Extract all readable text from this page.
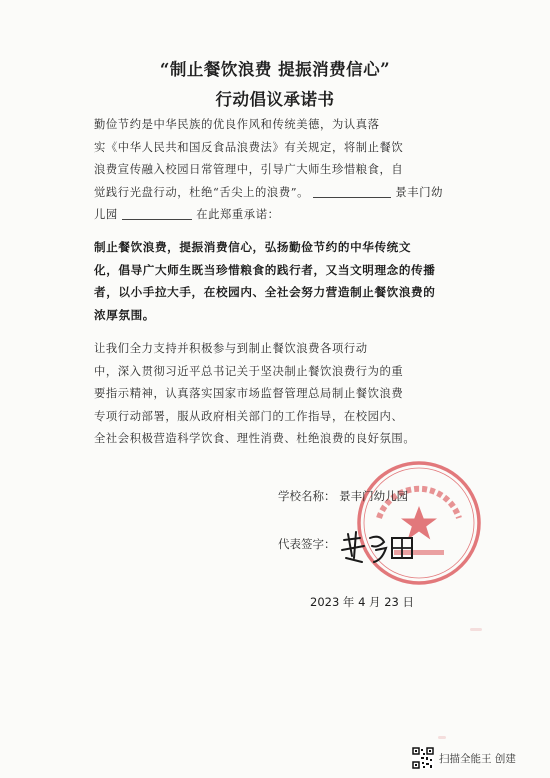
“制止餐饮浪费 提振消费信心”
行动倡议承诺书
勤俭节约是中华民族的优良作风和传统美德，为认真落
实《中华人民共和国反食品浪费法》有关规定，将制止餐饮
浪费宣传融入校园日常管理中，引导广大师生珍惜粮食，自
觉践行光盘行动，杜绝“舌尖上的浪费”。	景丰门幼
儿园	在此郑重承诺：
制止餐饮浪费，提振消费信心，弘扬勤俭节约的中华传统文
化，倡导广大师生既当珍惜粮食的践行者，又当文明理念的传播
者，以小手拉大手，在校园内、全社会努力营造制止餐饮浪费的
浓厚氛围。
让我们全力支持并积极参与到制止餐饮浪费各项行动
中，深入贯彻习近平总书记关于坚决制止餐饮浪费行为的重
要指示精神，认真落实国家市场监督管理总局制止餐饮浪费
专项行动部署，服从政府相关部门的工作指导，在校园内、
全社会积极营造科学饮食、理性消费、杜绝浪费的良好氛围。
学校名称： 景丰门幼儿园
代表签字：
2023 年 4 月 23 日
扫描全能王 创建
